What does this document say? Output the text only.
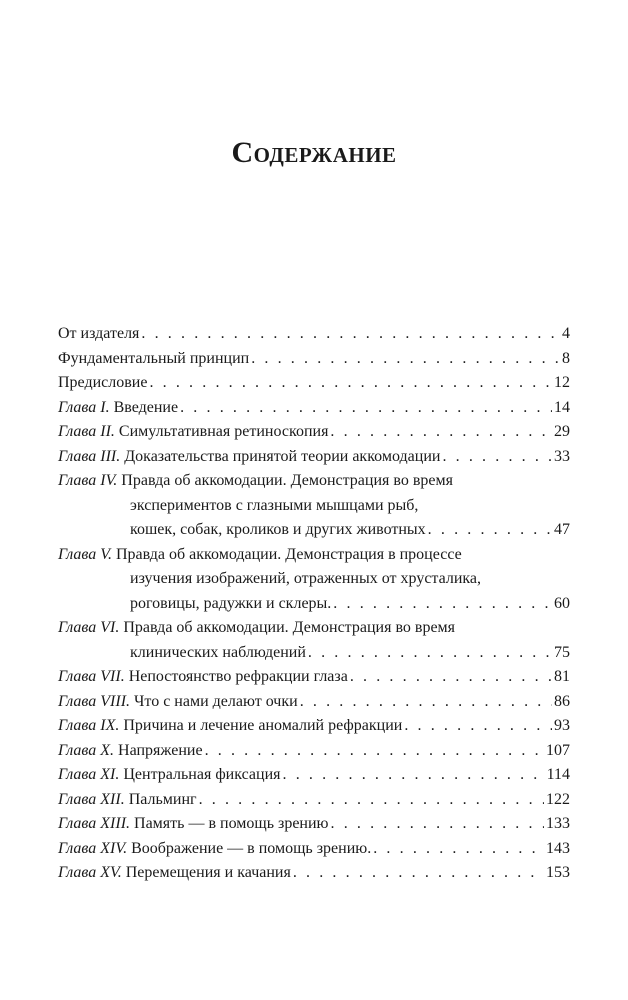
Содержание
От издателя . . .	4
Фундаментальный принцип . . .	8
Предисловие . . .	12
Глава I. Введение . . .	14
Глава II. Симультативная ретиноскопия . . .	29
Глава III. Доказательства принятой теории аккомодации . . .	33
Глава IV. Правда об аккомодации. Демонстрация во время
экспериментов с глазными мышцами рыб,
кошек, собак, кроликов и других животных . . .	47
Глава V. Правда об аккомодации. Демонстрация в процессе
изучения изображений, отраженных от хрусталика,
роговицы, радужки и склеры. . . .	60
Глава VI. Правда об аккомодации. Демонстрация во время
клинических наблюдений . . .	75
Глава VII. Непостоянство рефракции глаза . . .	81
Глава VIII. Что с нами делают очки . . .	86
Глава IX. Причина и лечение аномалий рефракции . . .	93
Глава X. Напряжение . . .	107
Глава XI. Центральная фиксация . . .	114
Глава XII. Пальминг . . .	122
Глава XIII. Память — в помощь зрению . . .	133
Глава XIV. Воображение — в помощь зрению. . . .	143
Глава XV. Перемещения и качания . . .	153
